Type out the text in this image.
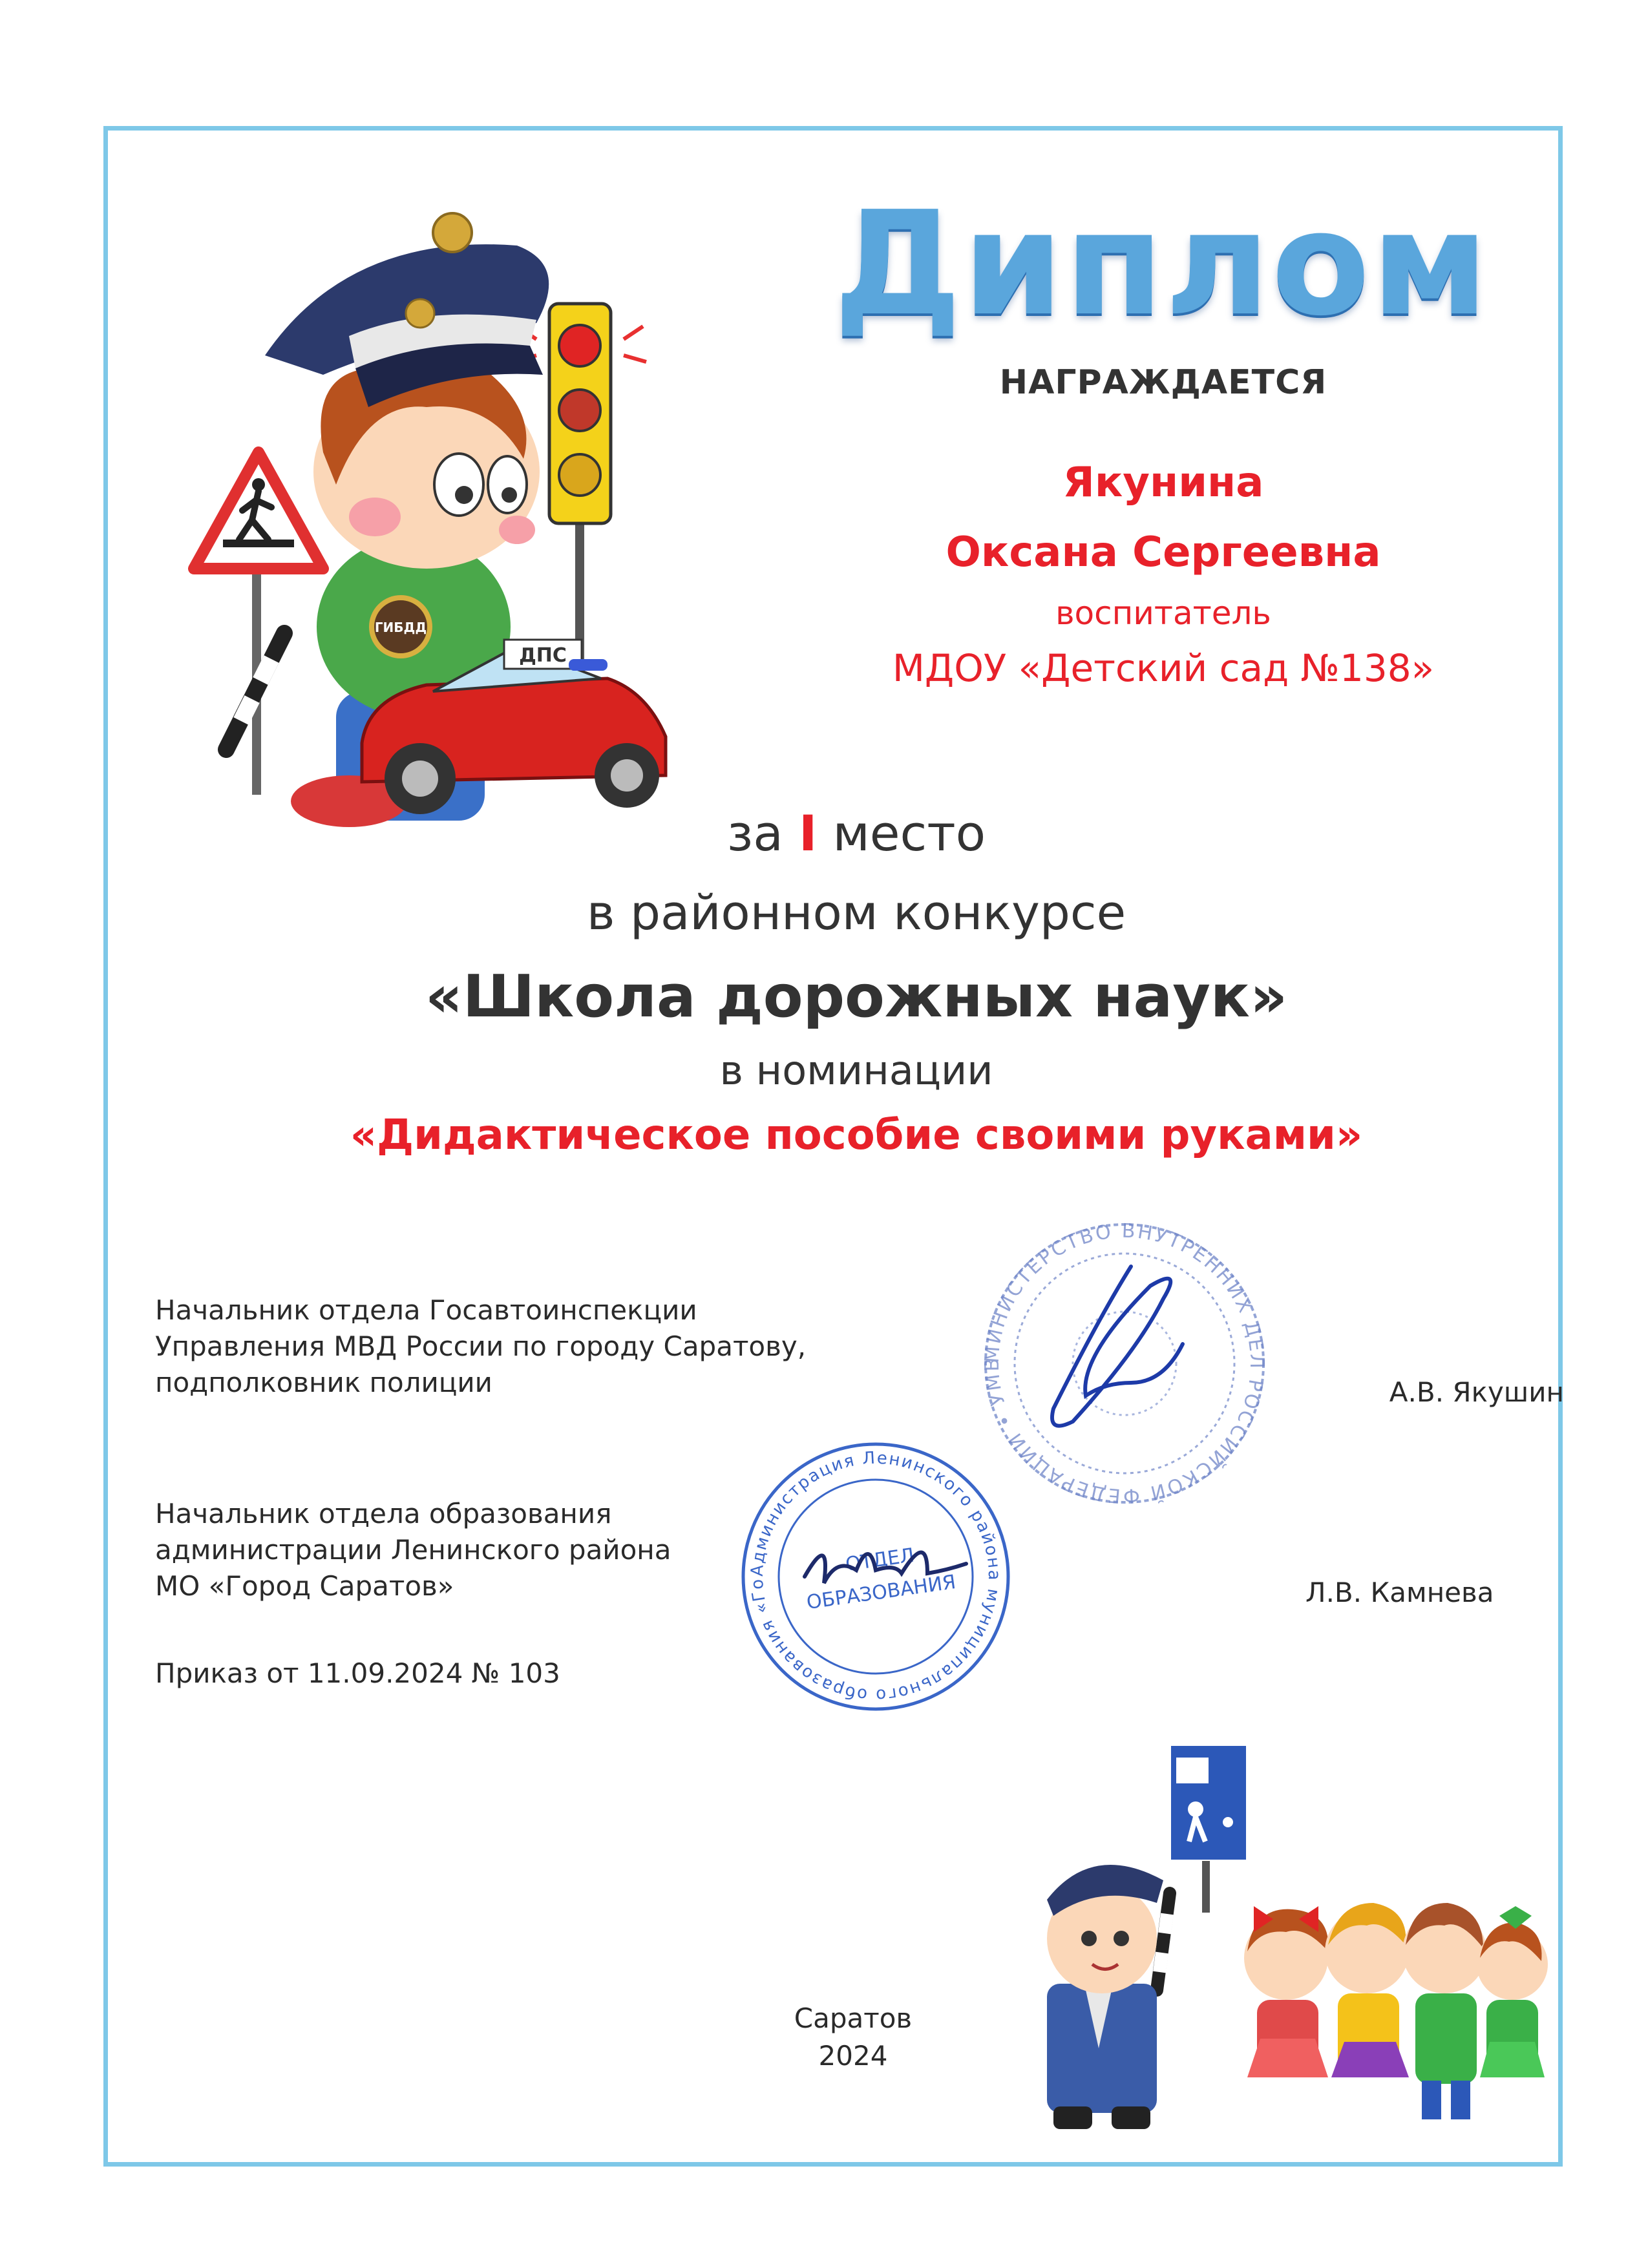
ГИБДД
ДПС
Диплом
НАГРАЖДАЕТСЯ
Якунина
Оксана Сергеевна
воспитатель
МДОУ «Детский сад №138»
за I место
в районном конкурсе
«Школа дорожных наук»
в номинации
«Дидактическое пособие своими руками»
МИНИСТЕРСТВО ВНУТРЕННИХ ДЕЛ РОССИЙСКОЙ ФЕДЕРАЦИИ • УМВД РОССИИ ПО ГОРОДУ САРАТОВУ •
Администрация Ленинского района муниципального образования «Город Саратов»
ОТДЕЛ
ОБРАЗОВАНИЯ
Начальник отдела Госавтоинспекции
Управления МВД России по городу Саратову,
подполковник полиции	А.В. Якушин
Начальник отдела образования
администрации Ленинского района
МО «Город Саратов»	Л.В. Камнева
Приказ от 11.09.2024 № 103
Саратов
2024
